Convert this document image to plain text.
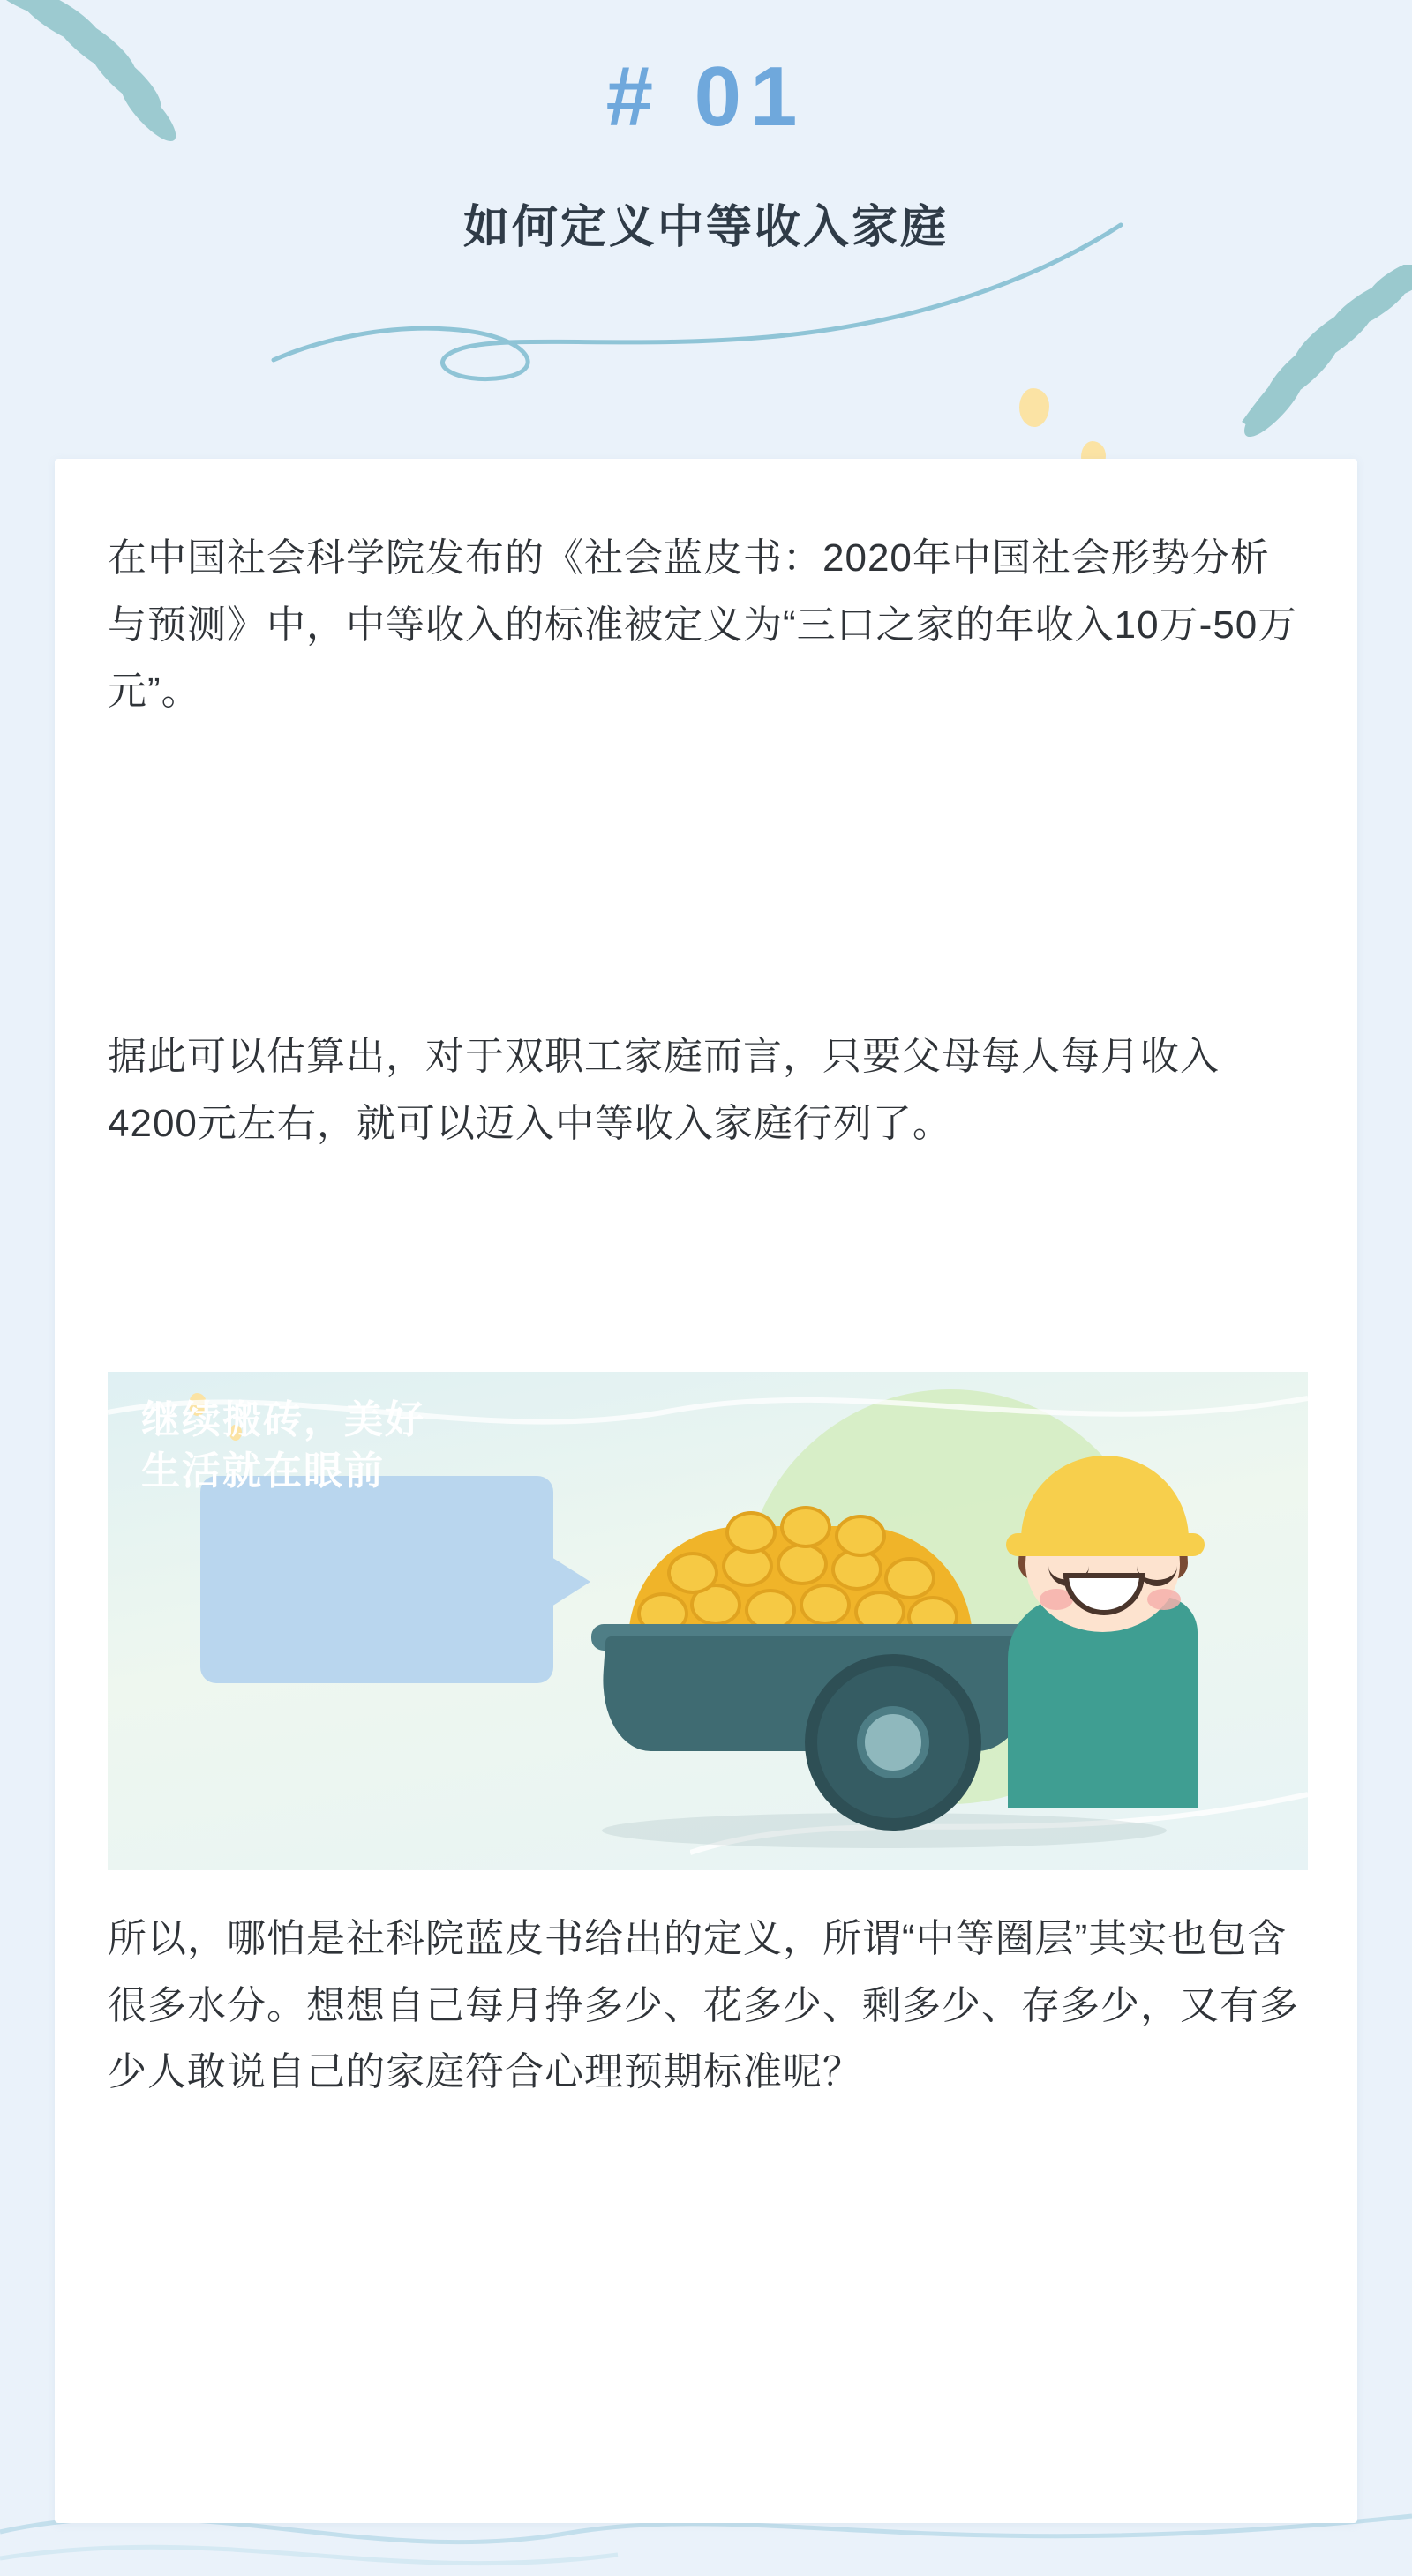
# 01
如何定义中等收入家庭

在中国社会科学院发布的《社会蓝皮书：2020年中国社会形势分析与预测》中，中等收入的标准被定义为“三口之家的年收入10万-50万元”。

据此可以估算出，对于双职工家庭而言，只要父母每人每月收入4200元左右，就可以迈入中等收入家庭行列了。

继续搬砖，美好生活就在眼前

所以，哪怕是社科院蓝皮书给出的定义，所谓“中等圈层”其实也包含很多水分。想想自己每月挣多少、花多少、剩多少、存多少，又有多少人敢说自己的家庭符合心理预期标准呢？
